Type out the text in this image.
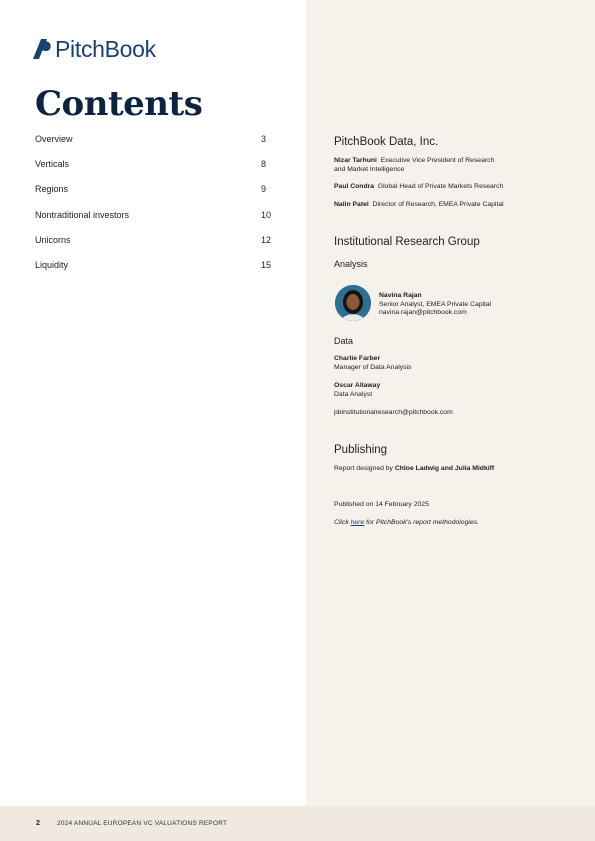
PitchBook
Contents
Overview	3
Verticals	8
Regions	9
Nontraditional investors	10
Unicorns	12
Liquidity	15
PitchBook Data, Inc.
Nizar Tarhuni Executive Vice President of Research
and Market Intelligence
Paul Condra Global Head of Private Markets Research
Nalin Patel Director of Research, EMEA Private Capital
Institutional Research Group
Analysis
Navina Rajan
Senior Analyst, EMEA Private Capital
navina.rajan@pitchbook.com
Data
Charlie Farber
Manager of Data Analysis
Oscar Allaway
Data Analyst
pbinstitutionalresearch@pitchbook.com
Publishing
Report designed by Chloe Ladwig and Julia Midkiff
Published on 14 February 2025
Click here for PitchBook's report methodologies.
2	2024 ANNUAL EUROPEAN VC VALUATIONS REPORT
